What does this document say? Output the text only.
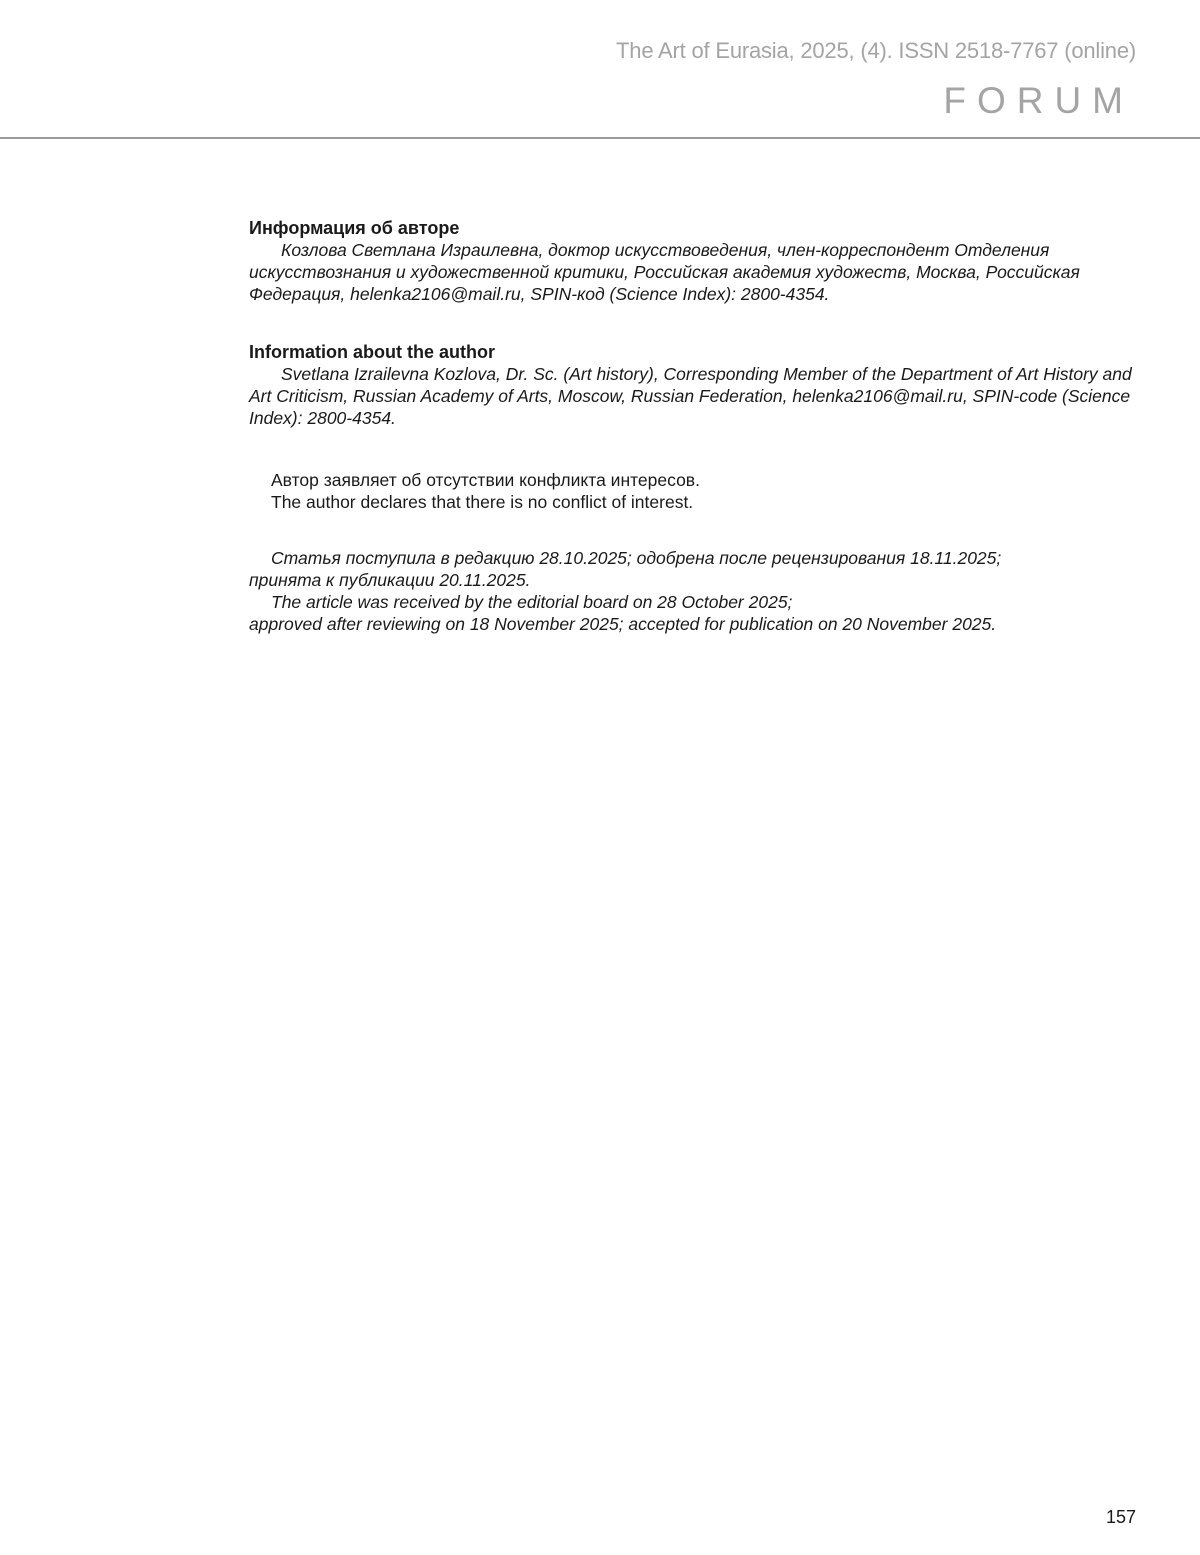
The Art of Eurasia, 2025, (4). ISSN 2518-7767 (online)
FORUM

Информация об авторе

Козлова Светлана Израилевна, доктор искусствоведения, член-корреспондент Отделения искусствознания и художественной критики, Российская академия художеств, Москва, Российская Федерация, helenka2106@mail.ru, SPIN-код (Science Index): 2800-4354.

Information about the author

Svetlana Izrailevna Kozlova, Dr. Sc. (Art history), Corresponding Member of the Department of Art History and Art Criticism, Russian Academy of Arts, Moscow, Russian Federation, helenka2106@mail.ru, SPIN-code (Science Index): 2800-4354.

Автор заявляет об отсутствии конфликта интересов.

The author declares that there is no conflict of interest.

Статья поступила в редакцию 28.10.2025; одобрена после рецензирования 18.11.2025;

принята к публикации 20.11.2025.

The article was received by the editorial board on 28 October 2025;

approved after reviewing on 18 November 2025; accepted for publication on 20 November 2025.

157
